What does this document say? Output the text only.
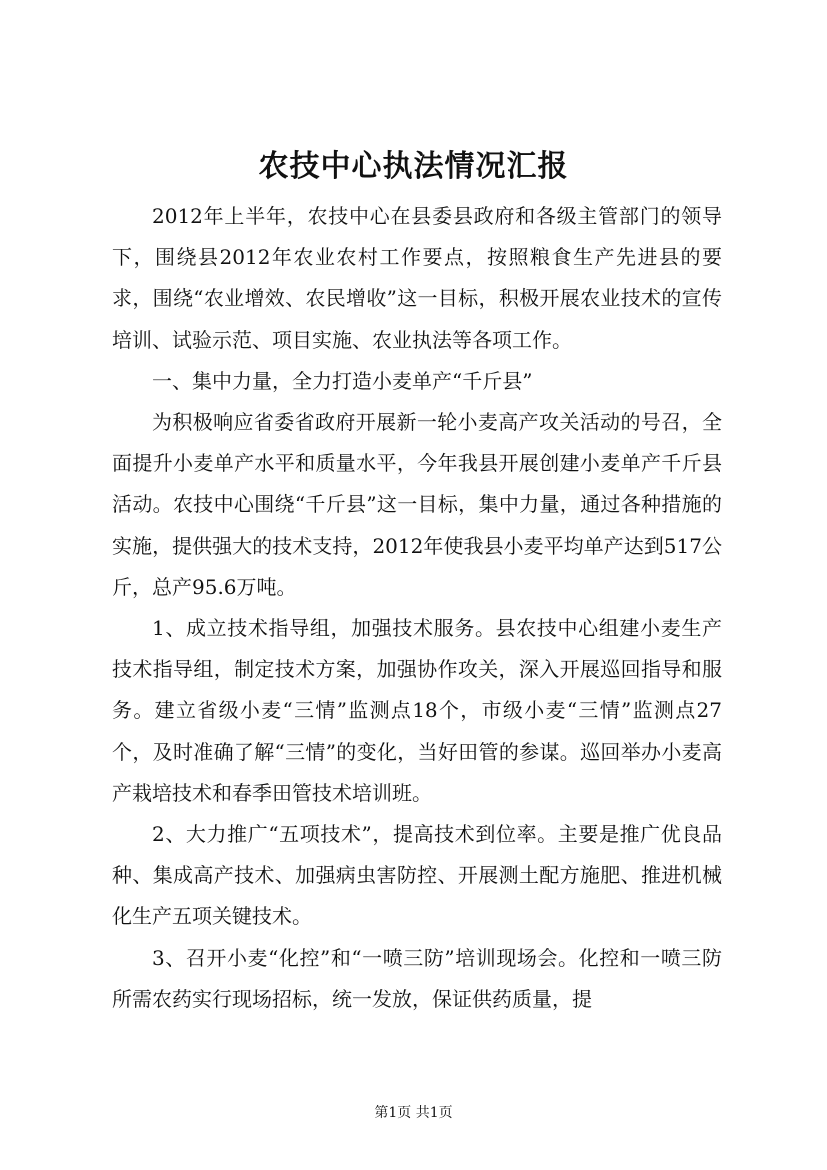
农技中心执法情况汇报

2012年上半年，农技中心在县委县政府和各级主管部门的领导下，围绕县2012年农业农村工作要点，按照粮食生产先进县的要求，围绕“农业增效、农民增收”这一目标，积极开展农业技术的宣传培训、试验示范、项目实施、农业执法等各项工作。

一、集中力量，全力打造小麦单产“千斤县”

为积极响应省委省政府开展新一轮小麦高产攻关活动的号召，全面提升小麦单产水平和质量水平，今年我县开展创建小麦单产千斤县活动。农技中心围绕“千斤县”这一目标，集中力量，通过各种措施的实施，提供强大的技术支持，2012年使我县小麦平均单产达到517公斤，总产95.6万吨。

1、成立技术指导组，加强技术服务。县农技中心组建小麦生产技术指导组，制定技术方案，加强协作攻关，深入开展巡回指导和服务。建立省级小麦“三情”监测点18个，市级小麦“三情”监测点27个，及时准确了解“三情”的变化，当好田管的参谋。巡回举办小麦高产栽培技术和春季田管技术培训班。

2、大力推广“五项技术”，提高技术到位率。主要是推广优良品种、集成高产技术、加强病虫害防控、开展测土配方施肥、推进机械化生产五项关键技术。

3、召开小麦“化控”和“一喷三防”培训现场会。化控和一喷三防所需农药实行现场招标，统一发放，保证供药质量，提

第1页 共1页
